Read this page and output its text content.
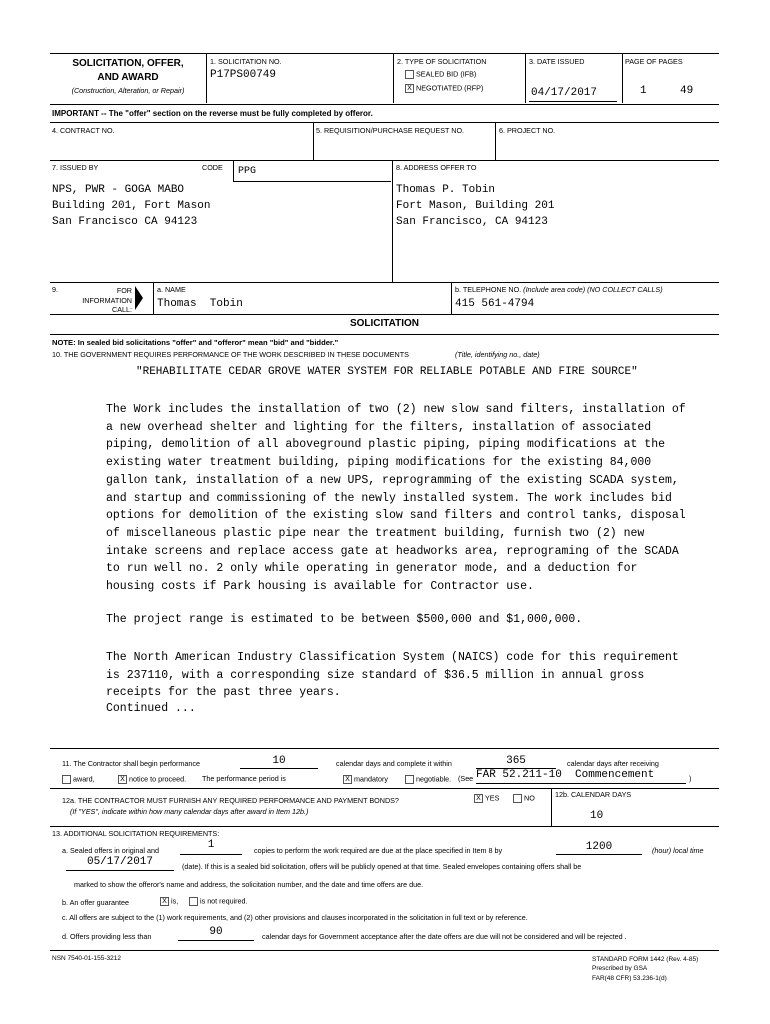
SOLICITATION, OFFER,
AND AWARD
(Construction, Alteration, or Repair)
1. SOLICITATION NO.
P17PS00749
2. TYPE OF SOLICITATION
SEALED BID (IFB)
X NEGOTIATED (RFP)
3. DATE ISSUED
04/17/2017
PAGE OF PAGES
1	49
IMPORTANT -- The "offer" section on the reverse must be fully completed by offeror.
4. CONTRACT NO.	5. REQUISITION/PURCHASE REQUEST NO.	6. PROJECT NO.
7. ISSUED BY	CODE	PPG
NPS, PWR - GOGA MABO
Building 201, Fort Mason
San Francisco CA 94123
8. ADDRESS OFFER TO
Thomas P. Tobin
Fort Mason, Building 201
San Francisco, CA 94123
9.	FOR
INFORMATION
CALL:
a. NAME
Thomas  Tobin
b. TELEPHONE NO. (Include area code) (NO COLLECT CALLS)
415 561-4794
SOLICITATION
NOTE: In sealed bid solicitations "offer" and "offeror" mean "bid" and "bidder."
10. THE GOVERNMENT REQUIRES PERFORMANCE OF THE WORK DESCRIBED IN THESE DOCUMENTS	(Title, identifying no., date)
"REHABILITATE CEDAR GROVE WATER SYSTEM FOR RELIABLE POTABLE AND FIRE SOURCE"
The Work includes the installation of two (2) new slow sand filters, installation of
a new overhead shelter and lighting for the filters, installation of associated
piping, demolition of all aboveground plastic piping, piping modifications at the
existing water treatment building, piping modifications for the existing 84,000
gallon tank, installation of a new UPS, reprogramming of the existing SCADA system,
and startup and commissioning of the newly installed system. The work includes bid
options for demolition of the existing slow sand filters and control tanks, disposal
of miscellaneous plastic pipe near the treatment building, furnish two (2) new
intake screens and replace access gate at headworks area, reprograming of the SCADA
to run well no. 2 only while operating in generator mode, and a deduction for
housing costs if Park housing is available for Contractor use.
The project range is estimated to be between $500,000 and $1,000,000.
The North American Industry Classification System (NAICS) code for this requirement
is 237110, with a corresponding size standard of $36.5 million in annual gross
receipts for the past three years.
Continued ...
11. The Contractor shall begin performance	10	calendar days and complete it within	365	calendar days after receiving
award,	X notice to proceed. The performance period is	X mandatory	negotiable. (See FAR 52.211-10  Commencement	)
12a. THE CONTRACTOR MUST FURNISH ANY REQUIRED PERFORMANCE AND PAYMENT BONDS?
(If "YES", indicate within how many calendar days after award in Item 12b.)
X YES	NO	12b. CALENDAR DAYS
10
13. ADDITIONAL SOLICITATION REQUIREMENTS:
a. Sealed offers in original and	1	copies to perform the work required are due at the place specified in Item 8 by	1200	(hour) local time
05/17/2017	(date). If this is a sealed bid solicitation, offers will be publicly opened at that time. Sealed envelopes containing offers shall be
marked to show the offeror's name and address, the solicitation number, and the date and time offers are due.
b. An offer guarantee	X is,	is not required.
c. All offers are subject to the (1) work requirements, and (2) other provisions and clauses incorporated in the solicitation in full text or by reference.
d. Offers providing less than	90	calendar days for Government acceptance after the date offers are due will not be considered and will be rejected .
NSN 7540-01-155-3212	STANDARD FORM 1442 (Rev. 4-85)
Prescribed by GSA
FAR(48 CFR) 53.236-1(d)
